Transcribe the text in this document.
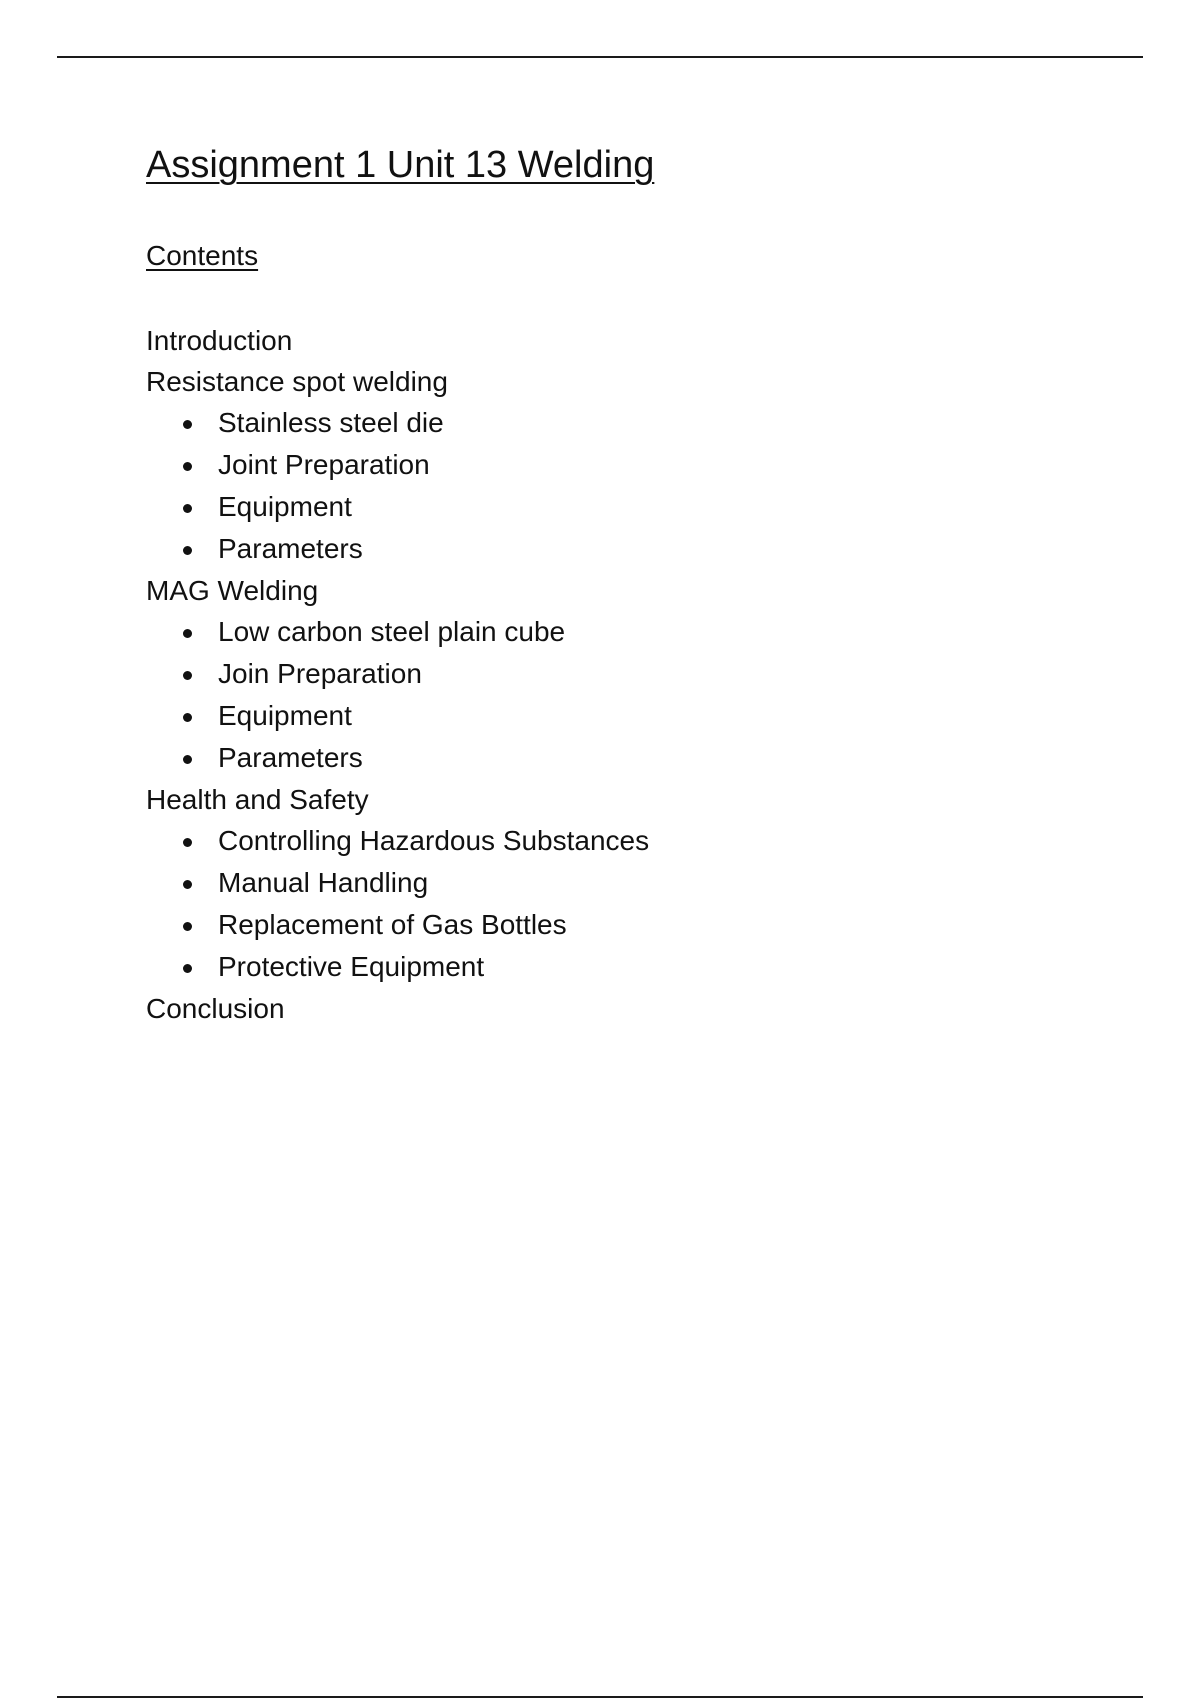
Assignment 1 Unit 13 Welding
Contents
Introduction
Resistance spot welding
Stainless steel die
Joint Preparation
Equipment
Parameters
MAG Welding
Low carbon steel plain cube
Join Preparation
Equipment
Parameters
Health and Safety
Controlling Hazardous Substances
Manual Handling
Replacement of Gas Bottles
Protective Equipment
Conclusion
